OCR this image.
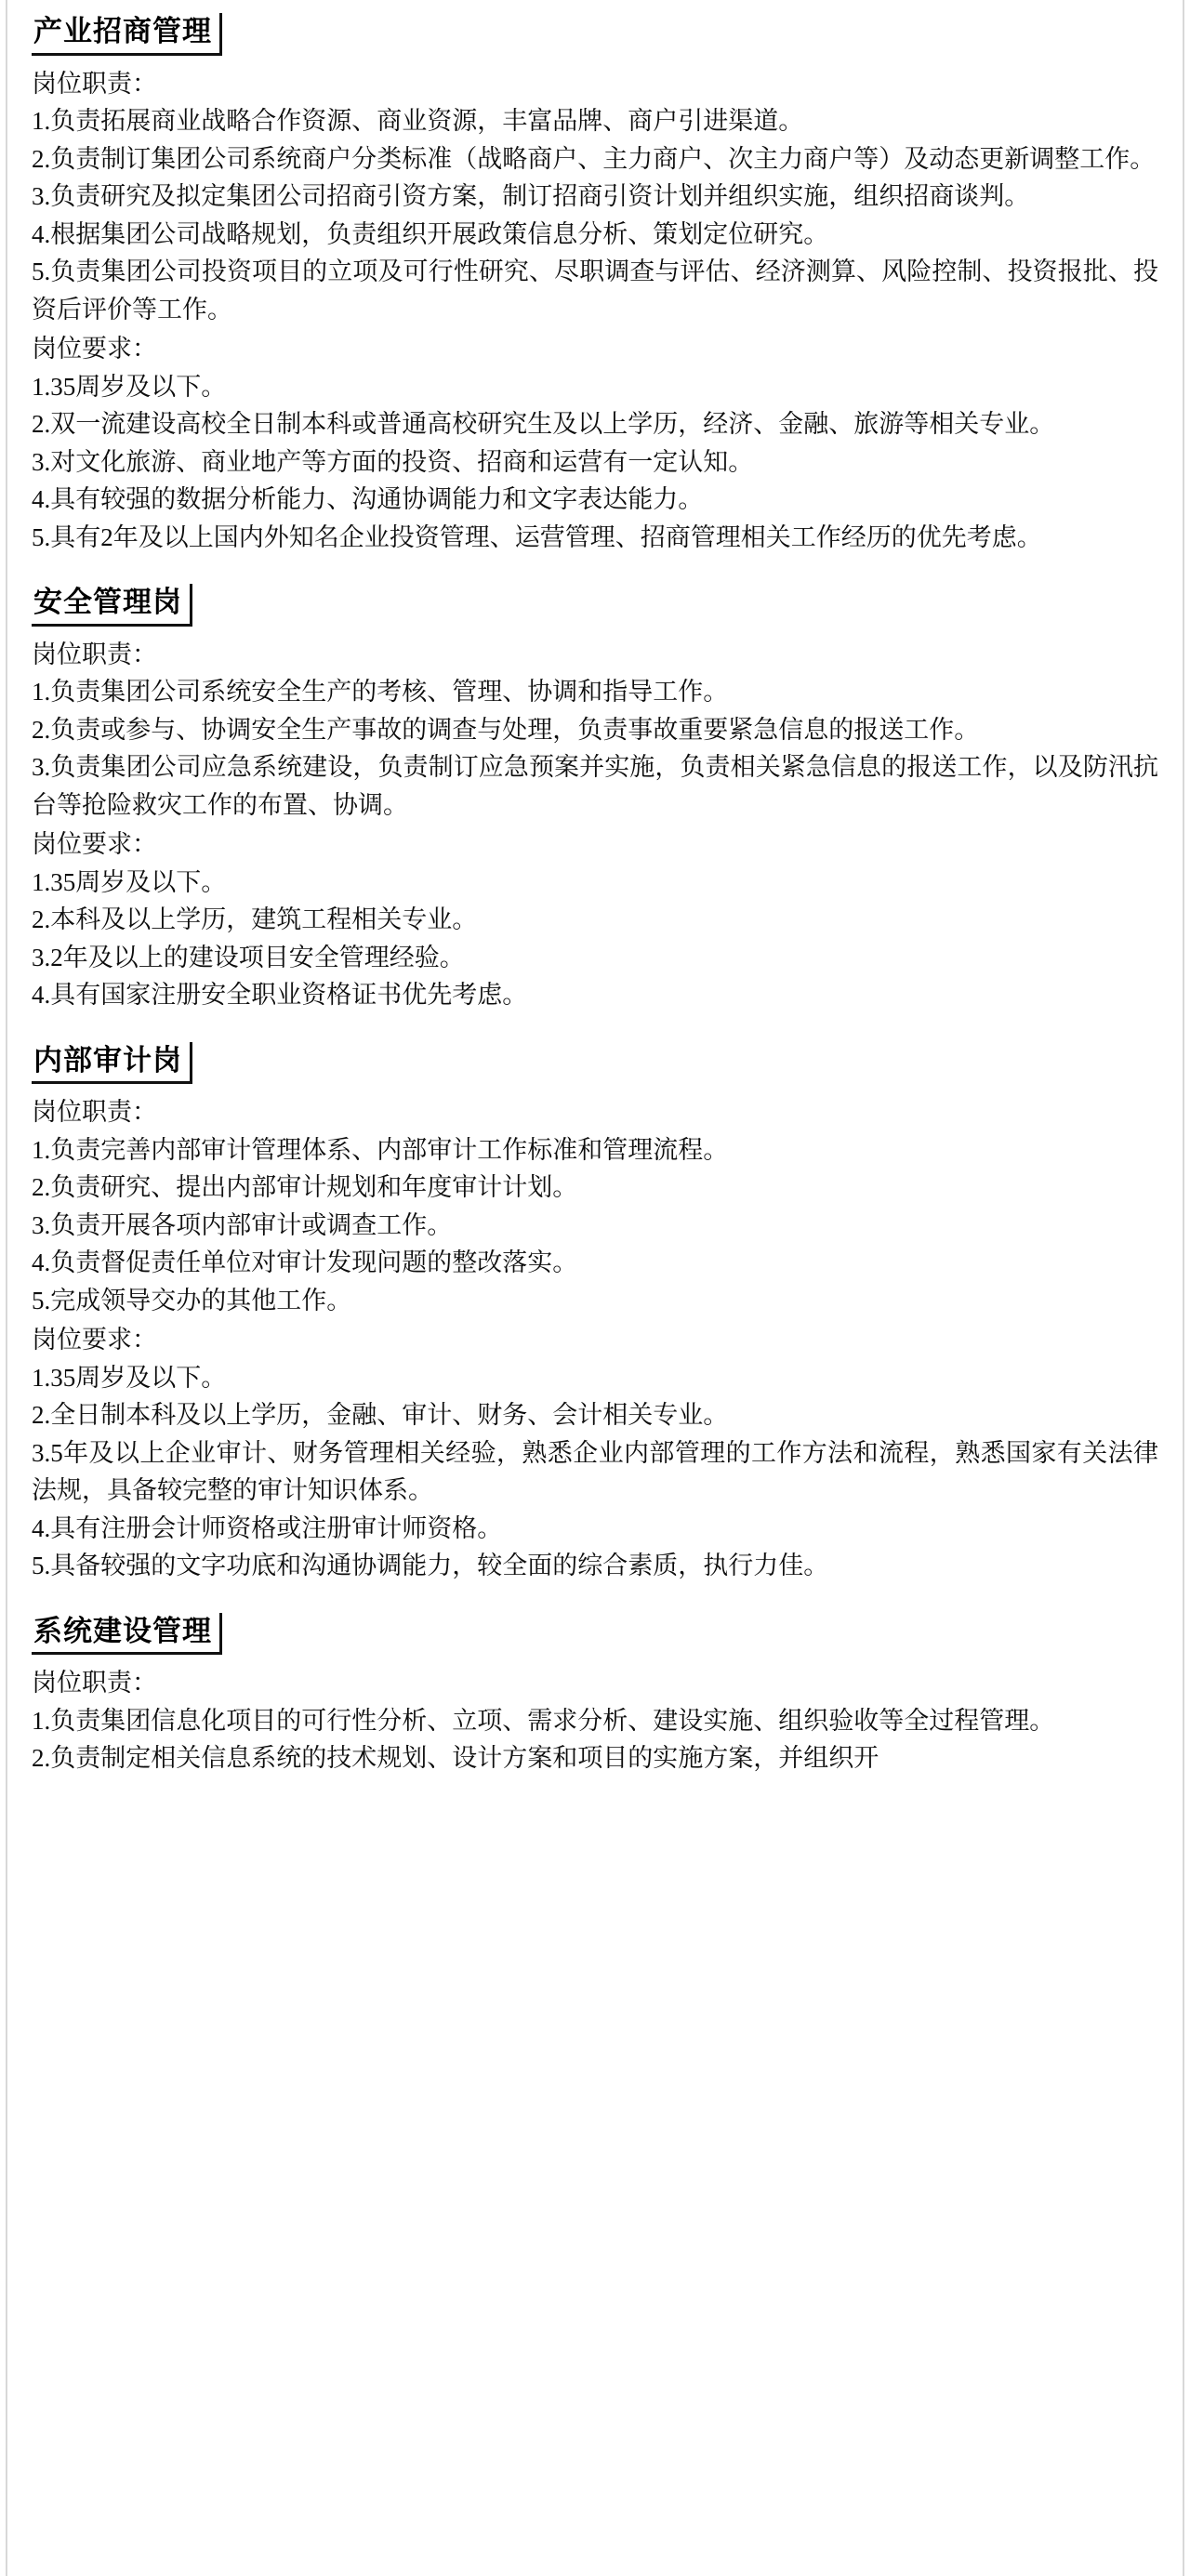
产业招商管理

岗位职责：

1.负责拓展商业战略合作资源、商业资源，丰富品牌、商户引进渠道。

2.负责制订集团公司系统商户分类标准（战略商户、主力商户、次主力商户等）及动态更新调整工作。

3.负责研究及拟定集团公司招商引资方案，制订招商引资计划并组织实施，组织招商谈判。

4.根据集团公司战略规划，负责组织开展政策信息分析、策划定位研究。

5.负责集团公司投资项目的立项及可行性研究、尽职调查与评估、经济测算、风险控制、投资报批、投资后评价等工作。

岗位要求：

1.35周岁及以下。

2.双一流建设高校全日制本科或普通高校研究生及以上学历，经济、金融、旅游等相关专业。

3.对文化旅游、商业地产等方面的投资、招商和运营有一定认知。

4.具有较强的数据分析能力、沟通协调能力和文字表达能力。

5.具有2年及以上国内外知名企业投资管理、运营管理、招商管理相关工作经历的优先考虑。

安全管理岗

岗位职责：

1.负责集团公司系统安全生产的考核、管理、协调和指导工作。

2.负责或参与、协调安全生产事故的调查与处理，负责事故重要紧急信息的报送工作。

3.负责集团公司应急系统建设，负责制订应急预案并实施，负责相关紧急信息的报送工作，以及防汛抗台等抢险救灾工作的布置、协调。

岗位要求：

1.35周岁及以下。

2.本科及以上学历，建筑工程相关专业。

3.2年及以上的建设项目安全管理经验。

4.具有国家注册安全职业资格证书优先考虑。

内部审计岗

岗位职责：

1.负责完善内部审计管理体系、内部审计工作标准和管理流程。

2.负责研究、提出内部审计规划和年度审计计划。

3.负责开展各项内部审计或调查工作。

4.负责督促责任单位对审计发现问题的整改落实。

5.完成领导交办的其他工作。

岗位要求：

1.35周岁及以下。

2.全日制本科及以上学历，金融、审计、财务、会计相关专业。

3.5年及以上企业审计、财务管理相关经验，熟悉企业内部管理的工作方法和流程，熟悉国家有关法律法规，具备较完整的审计知识体系。

4.具有注册会计师资格或注册审计师资格。

5.具备较强的文字功底和沟通协调能力，较全面的综合素质，执行力佳。

系统建设管理

岗位职责：

1.负责集团信息化项目的可行性分析、立项、需求分析、建设实施、组织验收等全过程管理。

2.负责制定相关信息系统的技术规划、设计方案和项目的实施方案，并组织开
